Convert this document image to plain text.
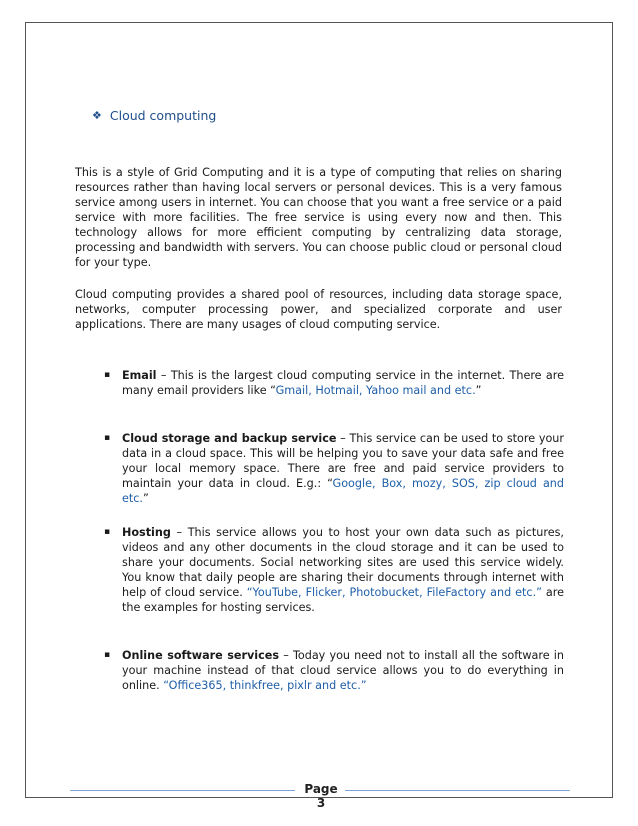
❖ Cloud computing

This is a style of Grid Computing and it is a type of computing that relies on sharing resources rather than having local servers or personal devices. This is a very famous service among users in internet. You can choose that you want a free service or a paid service with more facilities. The free service is using every now and then. This technology allows for more efficient computing by centralizing data storage, processing and bandwidth with servers. You can choose public cloud or personal cloud for your type.

Cloud computing provides a shared pool of resources, including data storage space, networks, computer processing power, and specialized corporate and user applications. There are many usages of cloud computing service.

▪	Email – This is the largest cloud computing service in the internet. There are many email providers like “Gmail, Hotmail, Yahoo mail and etc.”

▪	Cloud storage and backup service – This service can be used to store your data in a cloud space. This will be helping you to save your data safe and free your local memory space. There are free and paid service providers to maintain your data in cloud. E.g.: “Google, Box, mozy, SOS, zip cloud and etc.”

▪	Hosting – This service allows you to host your own data such as pictures, videos and any other documents in the cloud storage and it can be used to share your documents. Social networking sites are used this service widely. You know that daily people are sharing their documents through internet with help of cloud service. “YouTube, Flicker, Photobucket, FileFactory and etc.” are the examples for hosting services.

▪	Online software services – Today you need not to install all the software in your machine instead of that cloud service allows you to do everything in online. “Office365, thinkfree, pixlr and etc.”

Page 3
